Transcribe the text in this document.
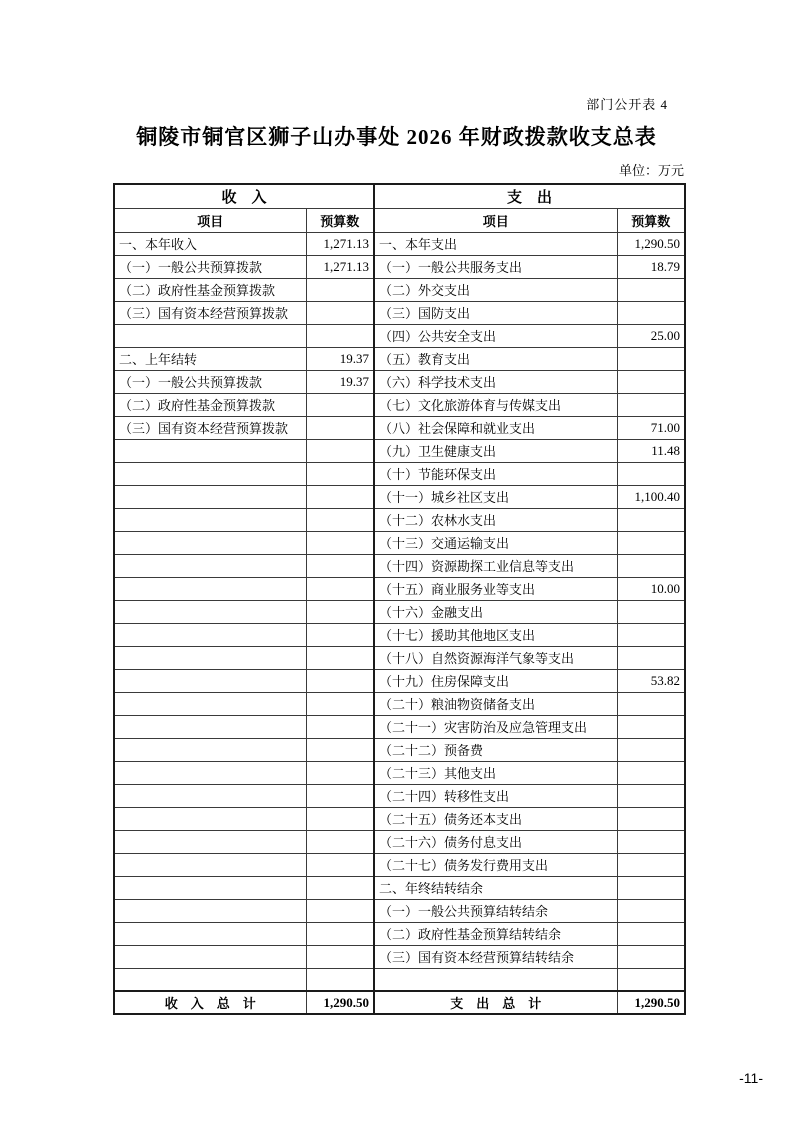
部门公开表 4
铜陵市铜官区狮子山办事处 2026 年财政拨款收支总表
单位：万元
收　入		支　出	
项目	预算数	项目	预算数
一、本年收入	1,271.13	一、本年支出	1,290.50
（一）一般公共预算拨款	1,271.13	（一）一般公共服务支出	18.79
（二）政府性基金预算拨款		（二）外交支出	
（三）国有资本经营预算拨款		（三）国防支出	
		（四）公共安全支出	25.00
二、上年结转	19.37	（五）教育支出	
（一）一般公共预算拨款	19.37	（六）科学技术支出	
（二）政府性基金预算拨款		（七）文化旅游体育与传媒支出	
（三）国有资本经营预算拨款		（八）社会保障和就业支出	71.00
		（九）卫生健康支出	11.48
		（十）节能环保支出	
		（十一）城乡社区支出	1,100.40
		（十二）农林水支出	
		（十三）交通运输支出	
		（十四）资源勘探工业信息等支出	
		（十五）商业服务业等支出	10.00
		（十六）金融支出	
		（十七）援助其他地区支出	
		（十八）自然资源海洋气象等支出	
		（十九）住房保障支出	53.82
		（二十）粮油物资储备支出	
		（二十一）灾害防治及应急管理支出	
		（二十二）预备费	
		（二十三）其他支出	
		（二十四）转移性支出	
		（二十五）债务还本支出	
		（二十六）债务付息支出	
		（二十七）债务发行费用支出	
		二、年终结转结余	
		（一）一般公共预算结转结余	
		（二）政府性基金预算结转结余	
		（三）国有资本经营预算结转结余	

收　入　总　计	1,290.50	支　出　总　计	1,290.50
-11-
